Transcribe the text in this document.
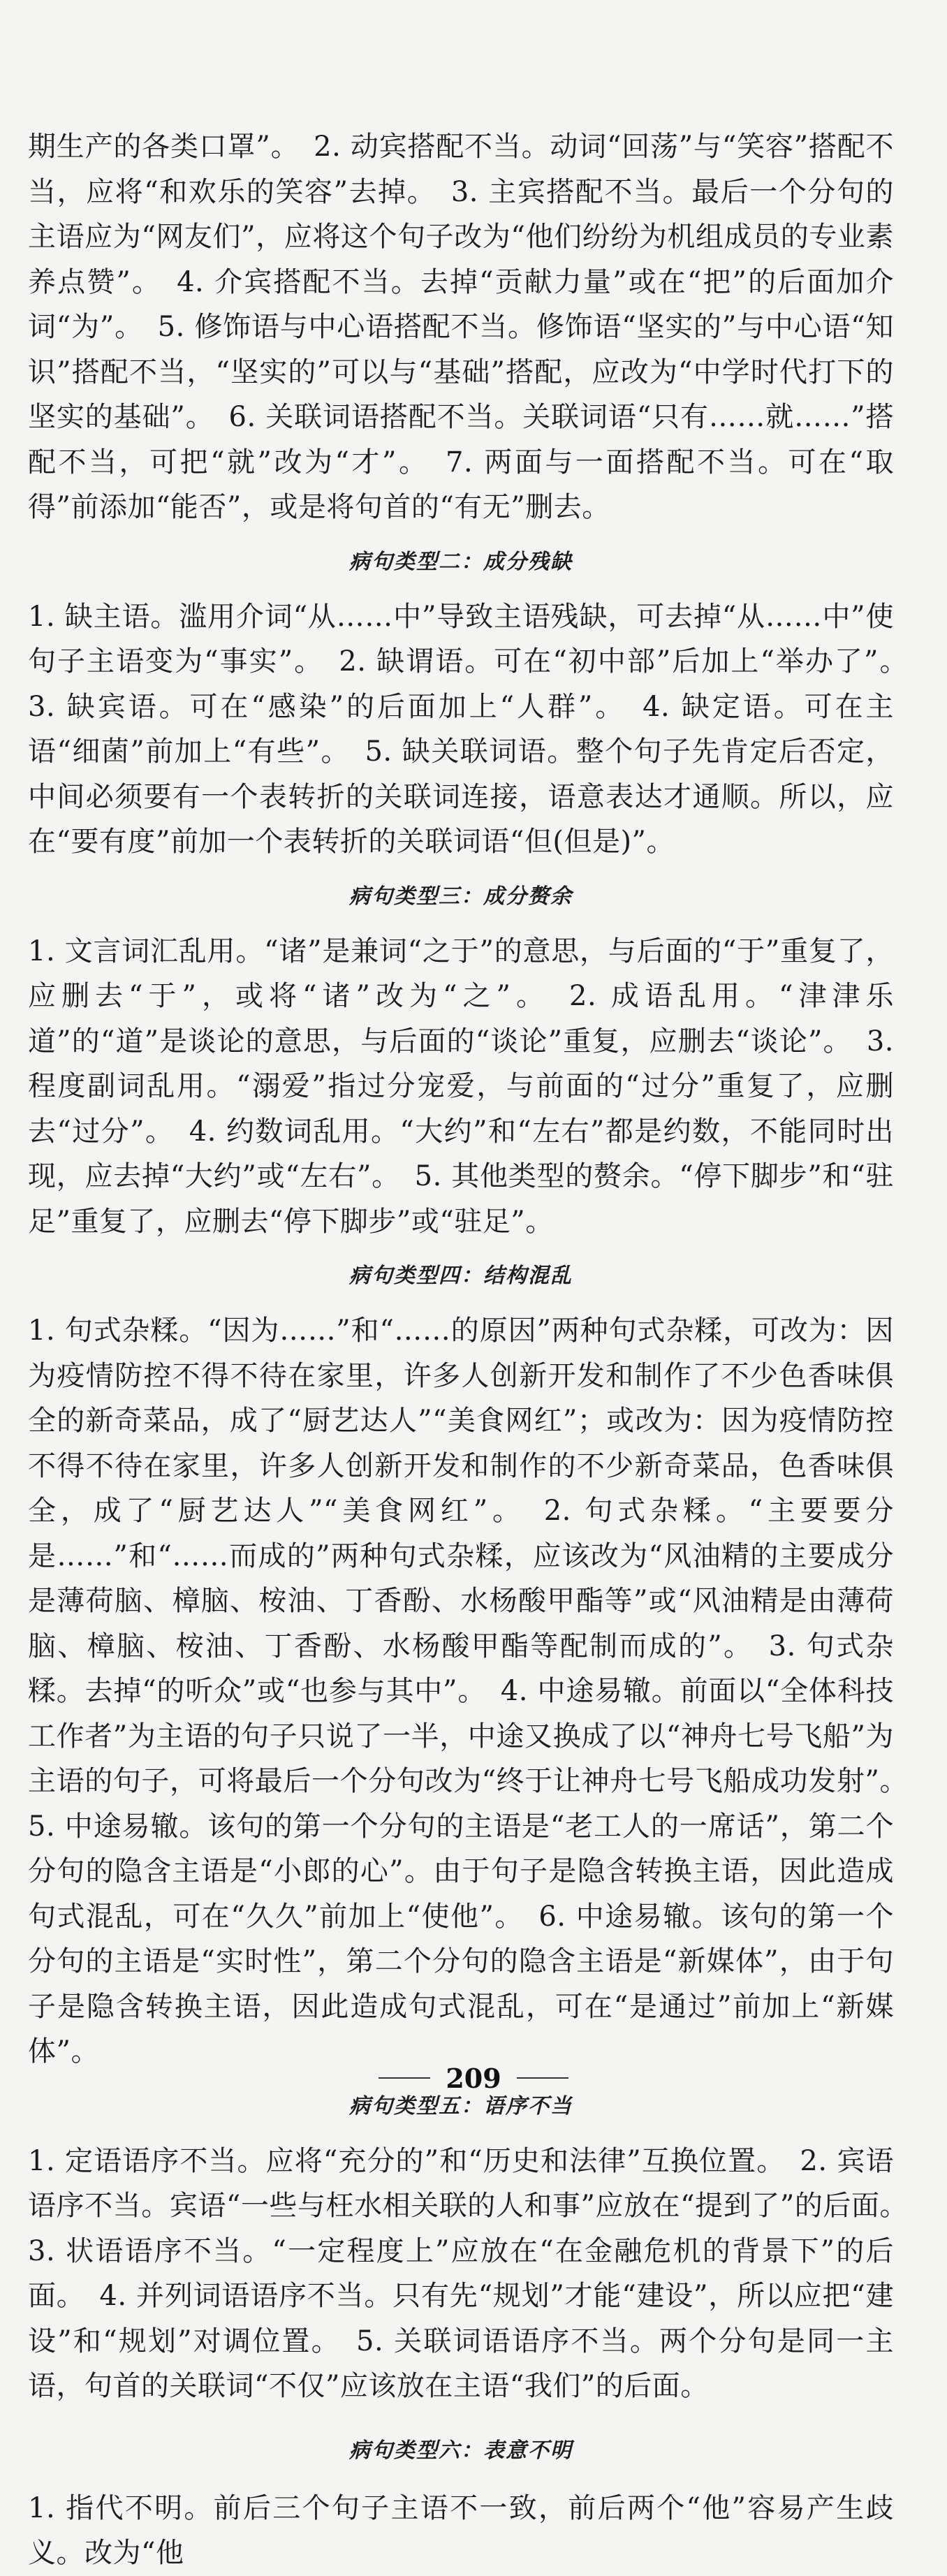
期生产的各类口罩”。　2. 动宾搭配不当。动词“回荡”与“笑容”搭配不当，应将“和欢乐的笑容”去掉。　3. 主宾搭配不当。最后一个分句的主语应为“网友们”，应将这个句子改为“他们纷纷为机组成员的专业素养点赞”。　4. 介宾搭配不当。去掉“贡献力量”或在“把”的后面加介词“为”。　5. 修饰语与中心语搭配不当。修饰语“坚实的”与中心语“知识”搭配不当，“坚实的”可以与“基础”搭配，应改为“中学时代打下的坚实的基础”。　6. 关联词语搭配不当。关联词语“只有……就……”搭配不当，可把“就”改为“才”。　7. 两面与一面搭配不当。可在“取得”前添加“能否”，或是将句首的“有无”删去。

病句类型二：成分残缺

1. 缺主语。滥用介词“从……中”导致主语残缺，可去掉“从……中”使句子主语变为“事实”。　2. 缺谓语。可在“初中部”后加上“举办了”。　3. 缺宾语。可在“感染”的后面加上“人群”。　4. 缺定语。可在主语“细菌”前加上“有些”。　5. 缺关联词语。整个句子先肯定后否定，中间必须要有一个表转折的关联词连接，语意表达才通顺。所以，应在“要有度”前加一个表转折的关联词语“但(但是)”。

病句类型三：成分赘余

1. 文言词汇乱用。“诸”是兼词“之于”的意思，与后面的“于”重复了，应删去“于”，或将“诸”改为“之”。　2. 成语乱用。“津津乐道”的“道”是谈论的意思，与后面的“谈论”重复，应删去“谈论”。　3. 程度副词乱用。“溺爱”指过分宠爱，与前面的“过分”重复了，应删去“过分”。　4. 约数词乱用。“大约”和“左右”都是约数，不能同时出现，应去掉“大约”或“左右”。　5. 其他类型的赘余。“停下脚步”和“驻足”重复了，应删去“停下脚步”或“驻足”。

病句类型四：结构混乱

1. 句式杂糅。“因为……”和“……的原因”两种句式杂糅，可改为：因为疫情防控不得不待在家里，许多人创新开发和制作了不少色香味俱全的新奇菜品，成了“厨艺达人”“美食网红”；或改为：因为疫情防控不得不待在家里，许多人创新开发和制作的不少新奇菜品，色香味俱全，成了“厨艺达人”“美食网红”。　2. 句式杂糅。“主要要分是……”和“……而成的”两种句式杂糅，应该改为“风油精的主要成分是薄荷脑、樟脑、桉油、丁香酚、水杨酸甲酯等”或“风油精是由薄荷脑、樟脑、桉油、丁香酚、水杨酸甲酯等配制而成的”。　3. 句式杂糅。去掉“的听众”或“也参与其中”。　4. 中途易辙。前面以“全体科技工作者”为主语的句子只说了一半，中途又换成了以“神舟七号飞船”为主语的句子，可将最后一个分句改为“终于让神舟七号飞船成功发射”。　5. 中途易辙。该句的第一个分句的主语是“老工人的一席话”，第二个分句的隐含主语是“小郎的心”。由于句子是隐含转换主语，因此造成句式混乱，可在“久久”前加上“使他”。　6. 中途易辙。该句的第一个分句的主语是“实时性”，第二个分句的隐含主语是“新媒体”，由于句子是隐含转换主语，因此造成句式混乱，可在“是通过”前加上“新媒体”。

病句类型五：语序不当

1. 定语语序不当。应将“充分的”和“历史和法律”互换位置。　2. 宾语语序不当。宾语“一些与枉水相关联的人和事”应放在“提到了”的后面。　3. 状语语序不当。“一定程度上”应放在“在金融危机的背景下”的后面。　4. 并列词语语序不当。只有先“规划”才能“建设”，所以应把“建设”和“规划”对调位置。　5. 关联词语语序不当。两个分句是同一主语，句首的关联词“不仅”应该放在主语“我们”的后面。

病句类型六：表意不明

1. 指代不明。前后三个句子主语不一致，前后两个“他”容易产生歧义。改为“他

209
